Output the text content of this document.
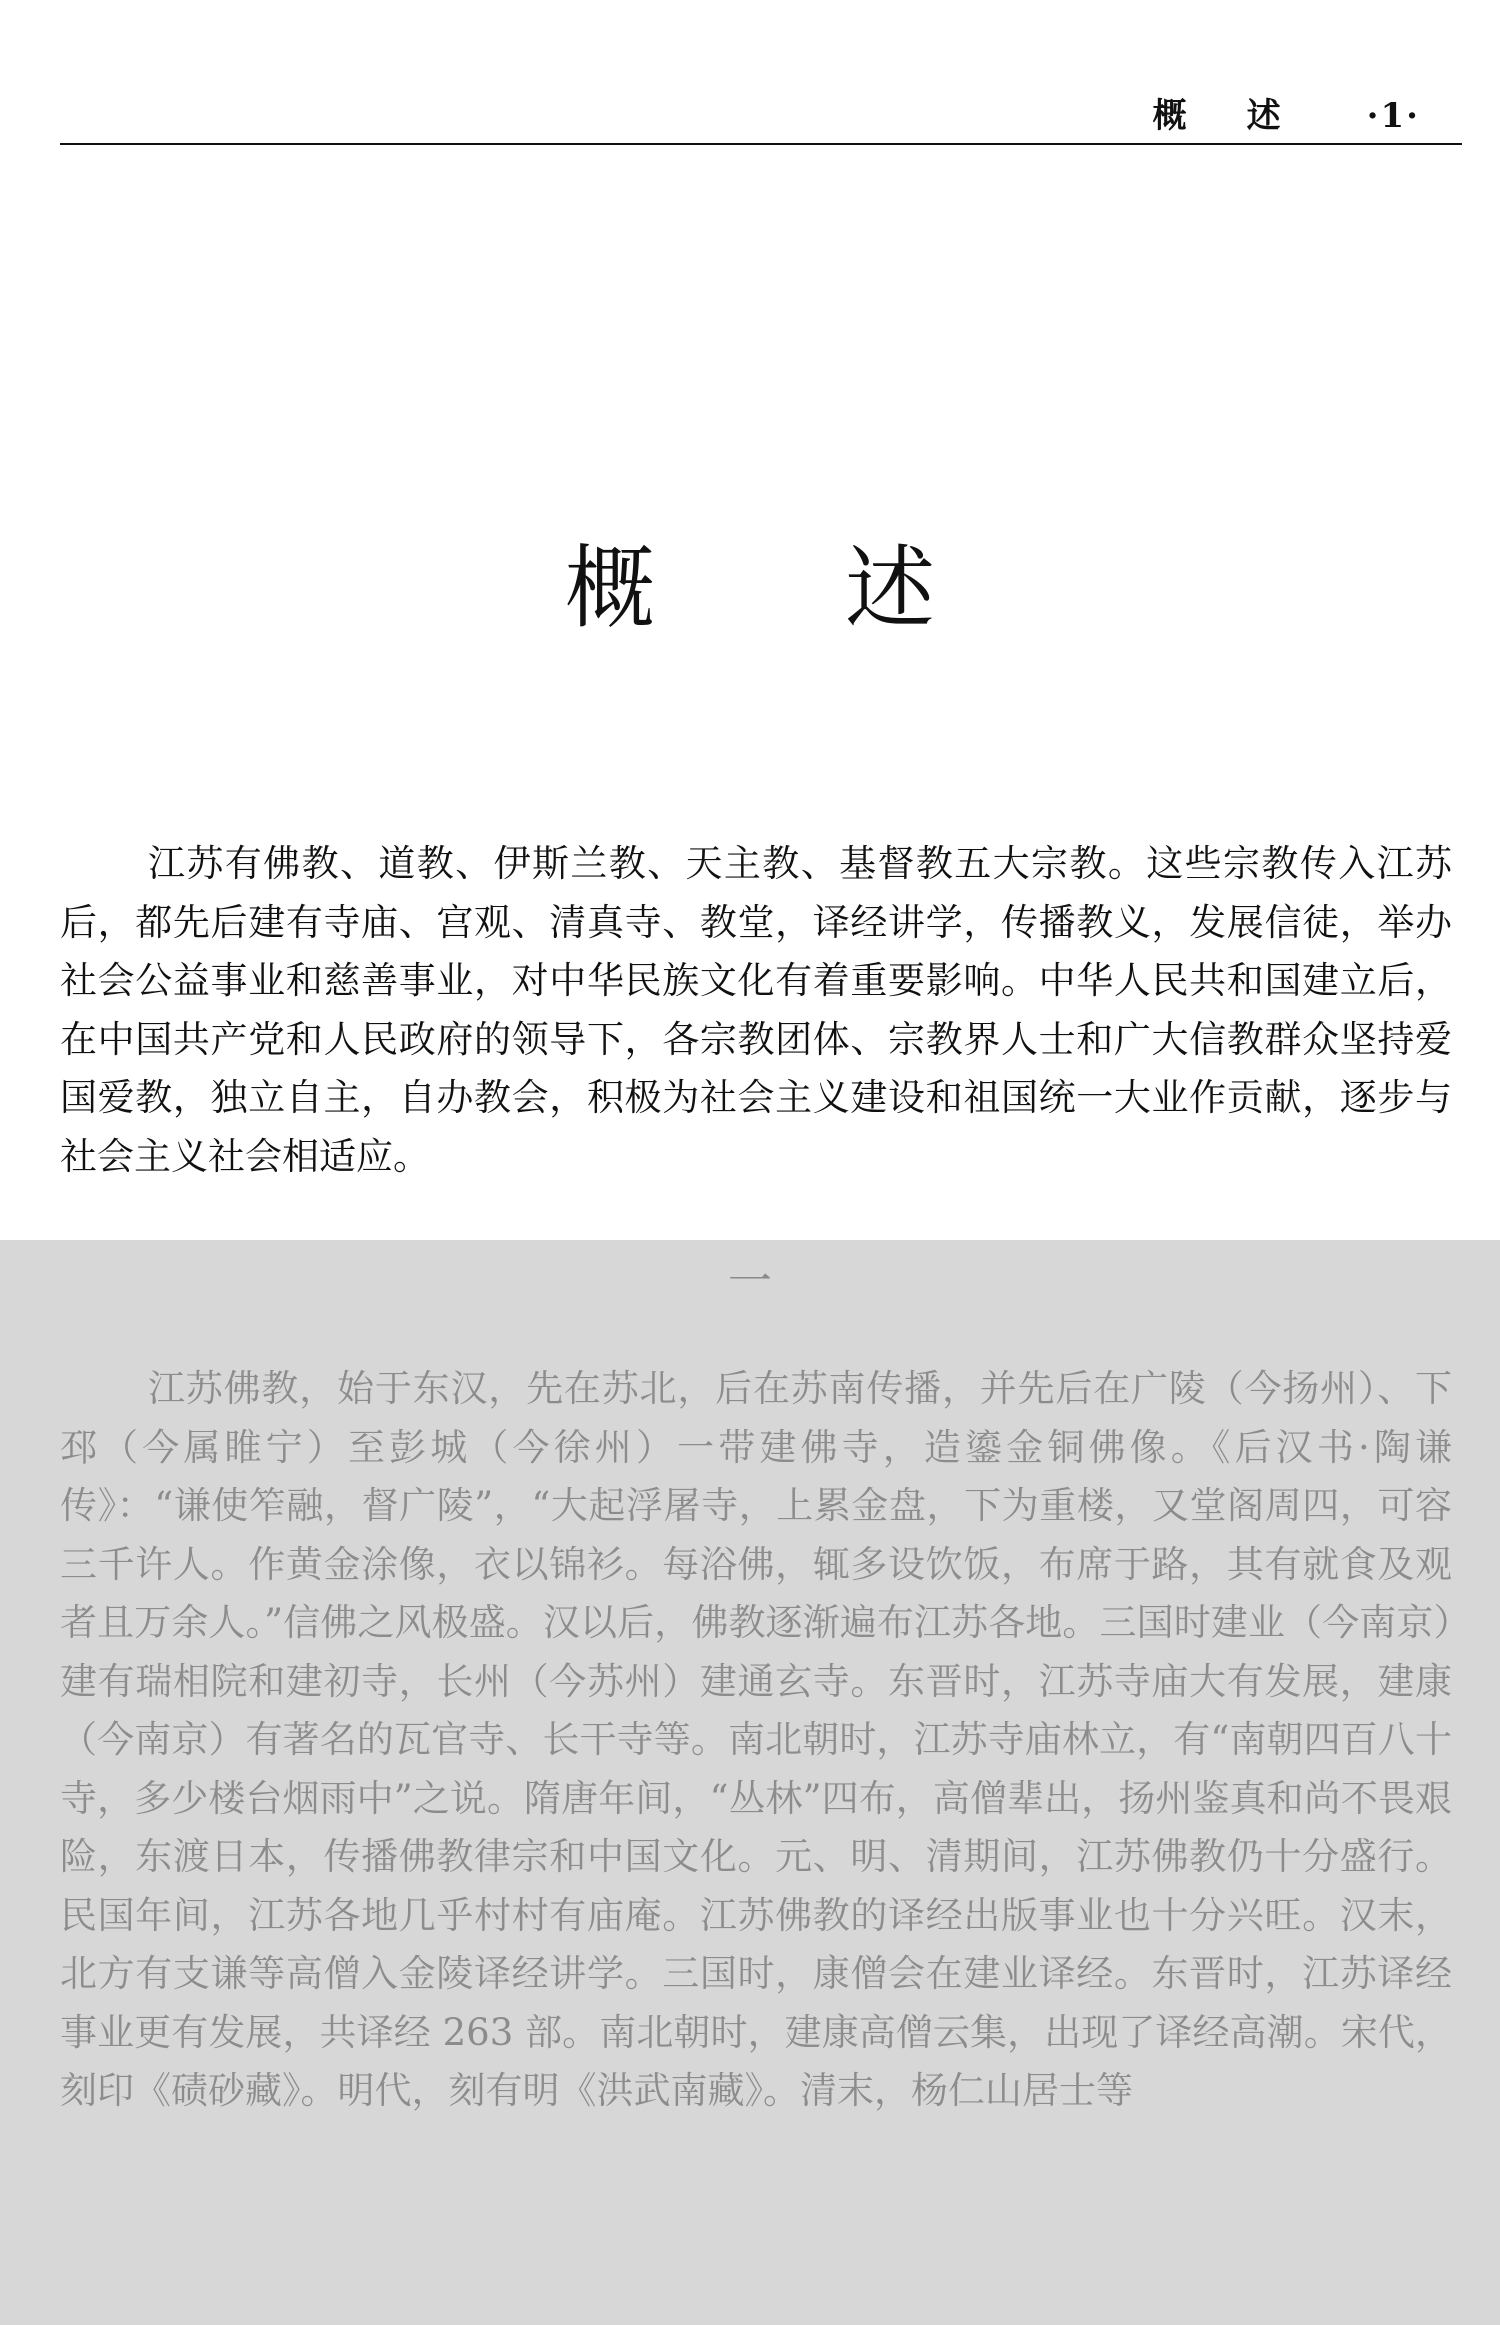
概述 ·1·
概述

江苏有佛教、道教、伊斯兰教、天主教、基督教五大宗教。这些宗教传入江苏后，都先后建有寺庙、宫观、清真寺、教堂，译经讲学，传播教义，发展信徒，举办社会公益事业和慈善事业，对中华民族文化有着重要影响。中华人民共和国建立后，在中国共产党和人民政府的领导下，各宗教团体、宗教界人士和广大信教群众坚持爱国爱教，独立自主，自办教会，积极为社会主义建设和祖国统一大业作贡献，逐步与社会主义社会相适应。

一

江苏佛教，始于东汉，先在苏北，后在苏南传播，并先后在广陵（今扬州）、下邳（今属睢宁）至彭城（今徐州）一带建佛寺，造鎏金铜佛像。《后汉书·陶谦传》：“谦使笮融，督广陵”，“大起浮屠寺，上累金盘，下为重楼，又堂阁周四，可容三千许人。作黄金涂像，衣以锦衫。每浴佛，辄多设饮饭，布席于路，其有就食及观者且万余人。”信佛之风极盛。汉以后，佛教逐渐遍布江苏各地。三国时建业（今南京）建有瑞相院和建初寺，长州（今苏州）建通玄寺。东晋时，江苏寺庙大有发展，建康（今南京）有著名的瓦官寺、长干寺等。南北朝时，江苏寺庙林立，有“南朝四百八十寺，多少楼台烟雨中”之说。隋唐年间，“丛林”四布，高僧辈出，扬州鉴真和尚不畏艰险，东渡日本，传播佛教律宗和中国文化。元、明、清期间，江苏佛教仍十分盛行。民国年间，江苏各地几乎村村有庙庵。江苏佛教的译经出版事业也十分兴旺。汉末，北方有支谦等高僧入金陵译经讲学。三国时，康僧会在建业译经。东晋时，江苏译经事业更有发展，共译经 263 部。南北朝时，建康高僧云集，出现了译经高潮。宋代，刻印《碛砂藏》。明代，刻有明《洪武南藏》。清末，杨仁山居士等
